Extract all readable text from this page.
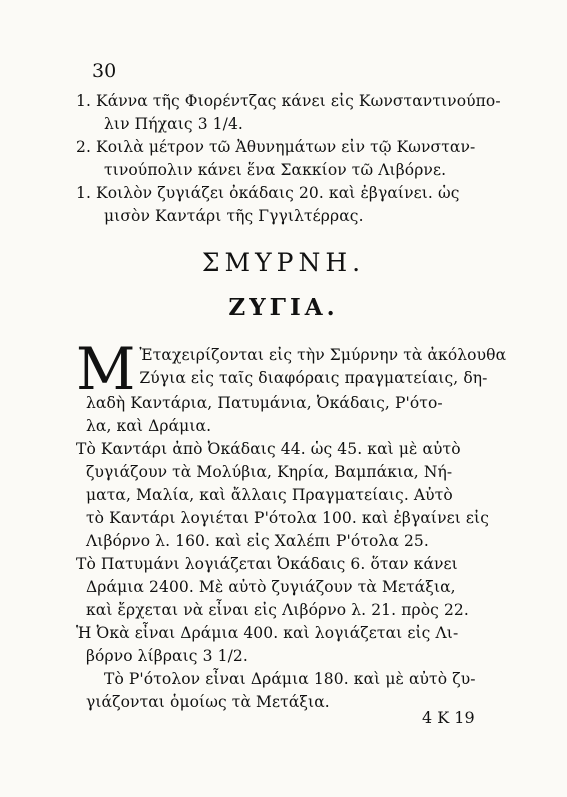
30
1. Κάννα τῆς Φιορέντζας κάνει εἰς Κωνσταντινούπο-
λιν Πήχαις 3 1/4.
2. Κοιλὰ μέτρον τῶ Ἀθυνημάτων εἰν τῷ Κωνσταν-
τινούπολιν κάνει ἕνα Σακκίον τῶ Λιβόρνε.
1. Κοιλὸν ζυγιάζει ὀκάδαις 20. καὶ ἐβγαίνει. ὡς
μισὸν Καντάρι τῆς Γγγιλτέρρας.
ΣΜΥΡΝΗ.
ΖΥΓΙΑ.
M Ἐταχειρίζονται εἰς τὴν Σμύρνην τὰ ἀκόλουθα
Ζύγια εἰς ταῖς διαφόραις πραγματείαις, δη-
λαδὴ Καντάρια, Πατυμάνια, Ὀκάδαις, Ρ'ότο-
λα, καὶ Δράμια.
Τὸ Καντάρι ἀπὸ Ὀκάδαις 44. ὡς 45. καὶ μὲ αὐτὸ
ζυγιάζουν τὰ Μολύβια, Κηρία, Βαμπάκια, Νή-
ματα, Μαλία, καὶ ἄλλαις Πραγματείαις. Αὐτὸ
τὸ Καντάρι λογιέται Ρ'ότολα 100. καὶ ἐβγαίνει εἰς
Λιβόρνο λ. 160. καὶ εἰς Χαλέπι Ρ'ότολα 25.
Τὸ Πατυμάνι λογιάζεται Ὀκάδαις 6. ὅταν κάνει
Δράμια 2400. Μὲ αὐτὸ ζυγιάζουν τὰ Μετάξια,
καὶ ἔρχεται νὰ εἶναι εἰς Λιβόρνο λ. 21. πρὸς 22.
Ἡ Ὀκὰ εἶναι Δράμια 400. καὶ λογιάζεται εἰς Λι-
βόρνο λίβραις 3 1/2.
Τὸ Ρ'ότολον εἶναι Δράμια 180. καὶ μὲ αὐτὸ ζυ-
γιάζονται ὁμοίως τὰ Μετάξια.
4 Κ 19
